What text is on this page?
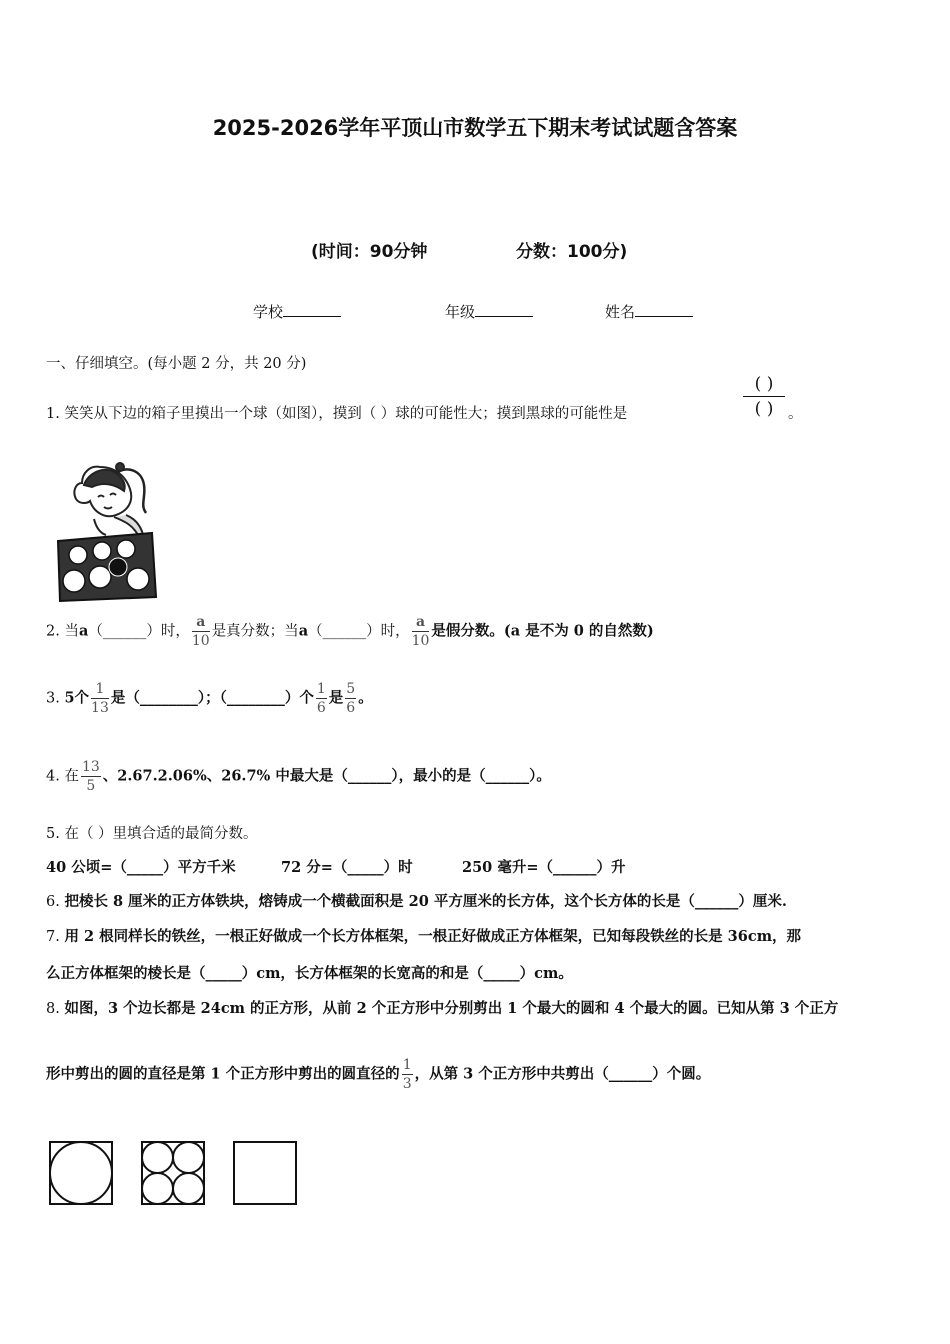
2025-2026学年平顶山市数学五下期末考试试题含答案
(时间：90分钟	分数：100分)
学校	年级	姓名
一、仔细填空。(每小题 2 分，共 20 分)
1. 笑笑从下边的箱子里摸出一个球（如图），摸到（ ）球的可能性大；摸到黑球的可能性是
( )
( )	。
2. 当a（______）时， $\frac{a}{10}$ 是真分数；当a（______）时， $\frac{a}{10}$ 是假分数。(a 是不为 0 的自然数)
3. 5个 $\frac{1}{13}$ 是（________）；（________）个 $\frac{1}{6}$ 是 $\frac{5}{6}$ 。
4. 在 $\frac{13}{5}$ 、2.67.2.06%、26.7% 中最大是（______），最小的是（______）。
5. 在（ ）里填合适的最简分数。
40 公顷=（_____）平方千米	72 分=（_____）时	250 毫升=（______）升
6. 把棱长 8 厘米的正方体铁块，熔铸成一个横截面积是 20 平方厘米的长方体，这个长方体的长是（______）厘米.
7. 用 2 根同样长的铁丝，一根正好做成一个长方体框架，一根正好做成正方体框架，已知每段铁丝的长是 36cm，那
么正方体框架的棱长是（_____）cm，长方体框架的长宽高的和是（_____）cm。
8. 如图，3 个边长都是 24cm 的正方形，从前 2 个正方形中分别剪出 1 个最大的圆和 4 个最大的圆。已知从第 3 个正方
形中剪出的圆的直径是第 1 个正方形中剪出的圆直径的 $\frac{1}{3}$ ，从第 3 个正方形中共剪出（______）个圆。
